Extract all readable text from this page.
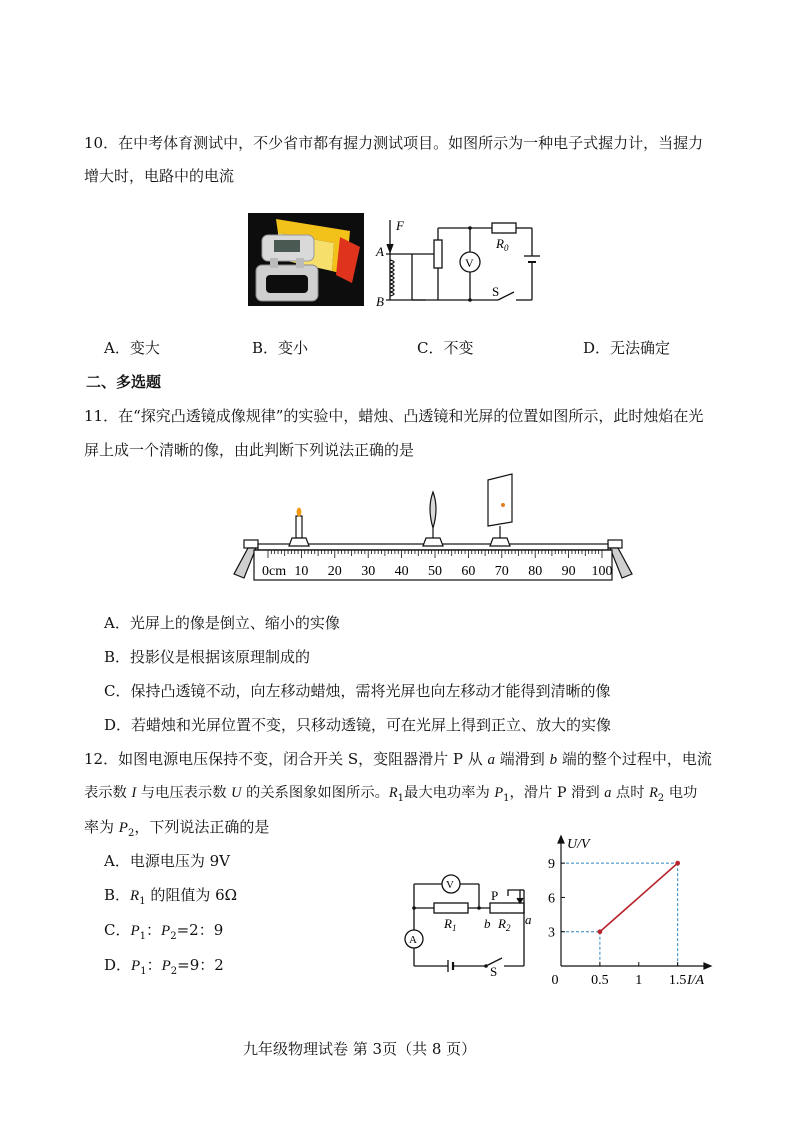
10．在中考体育测试中，不少省市都有握力测试项目。如图所示为一种电子式握力计，当握力
增大时，电路中的电流
A
B
F
$R_0$
V
S
A．变大	B．变小	C．不变	D．无法确定
二、多选题
11．在“探究凸透镜成像规律”的实验中，蜡烛、凸透镜和光屏的位置如图所示，此时烛焰在光
屏上成一个清晰的像，由此判断下列说法正确的是
0cm 10 20 30 40 50 60 70 80 90 100
A．光屏上的像是倒立、缩小的实像
B．投影仪是根据该原理制成的
C．保持凸透镜不动，向左移动蜡烛，需将光屏也向左移动才能得到清晰的像
D．若蜡烛和光屏位置不变，只移动透镜，可在光屏上得到正立、放大的实像
12．如图电源电压保持不变，闭合开关 S，变阻器滑片 P 从 a 端滑到 b 端的整个过程中，电流
表示数 I 与电压表示数 U 的关系图象如图所示。$R_1$最大电功率为 $P_1$，滑片 P 滑到 a 点时 $R_2$ 电功
率为 $P_2$，下列说法正确的是
A．电源电压为 9V
B．$R_1$ 的阻值为 6Ω
C．$P_1$：$P_2=2$：9
D．$P_1$：$P_2=9$：2
V
A
P
$R_1$ b $R_2$
a
S
0 0.5 1 1.5
3
6
9
U/V
I/A
九年级物理试卷 第 3页（共 8 页）
